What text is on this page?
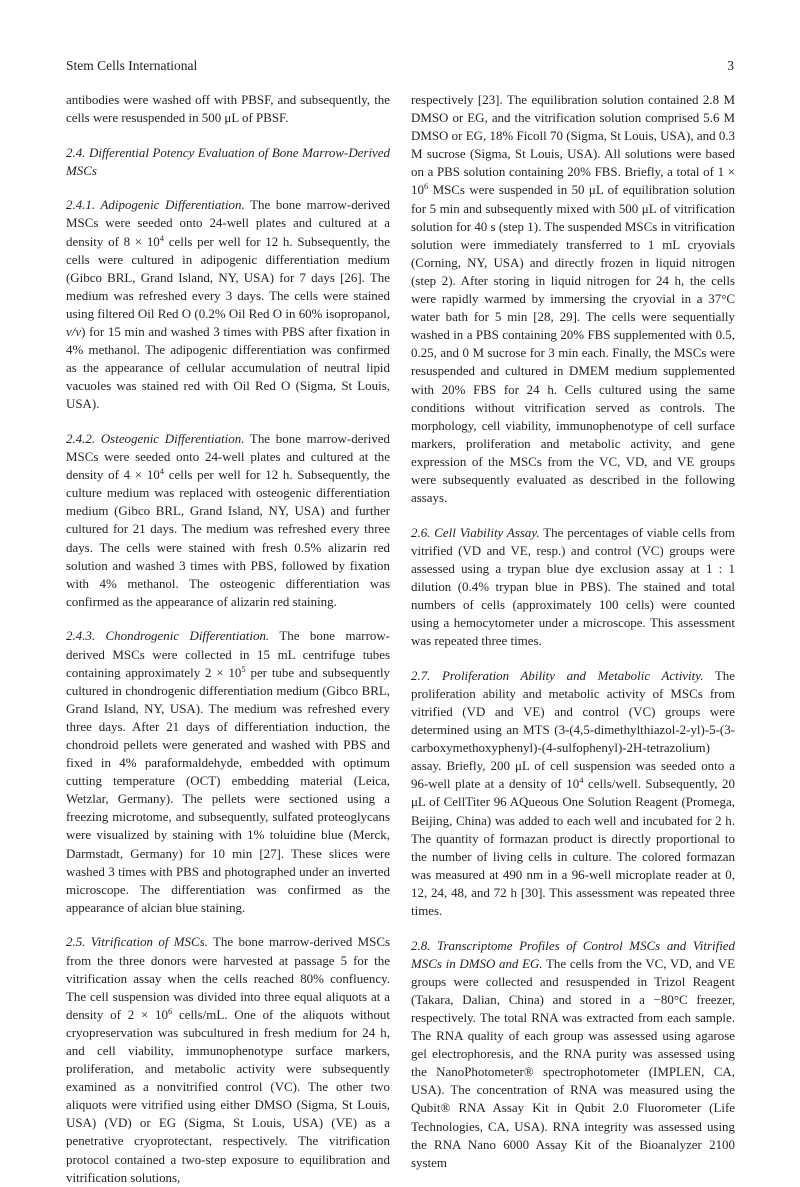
Stem Cells International	3

antibodies were washed off with PBSF, and subsequently, the cells were resuspended in 500 μL of PBSF.

2.4. Differential Potency Evaluation of Bone Marrow-Derived MSCs

2.4.1. Adipogenic Differentiation. The bone marrow-derived MSCs were seeded onto 24-well plates and cultured at a density of $8 \times 10^4$ cells per well for 12 h. Subsequently, the cells were cultured in adipogenic differentiation medium (Gibco BRL, Grand Island, NY, USA) for 7 days [26]. The medium was refreshed every 3 days. The cells were stained using filtered Oil Red O (0.2% Oil Red O in 60% isopropanol, v/v) for 15 min and washed 3 times with PBS after fixation in 4% methanol. The adipogenic differentiation was confirmed as the appearance of cellular accumulation of neutral lipid vacuoles was stained red with Oil Red O (Sigma, St Louis, USA).

2.4.2. Osteogenic Differentiation. The bone marrow-derived MSCs were seeded onto 24-well plates and cultured at the density of $4 \times 10^4$ cells per well for 12 h. Subsequently, the culture medium was replaced with osteogenic differentiation medium (Gibco BRL, Grand Island, NY, USA) and further cultured for 21 days. The medium was refreshed every three days. The cells were stained with fresh 0.5% alizarin red solution and washed 3 times with PBS, followed by fixation with 4% methanol. The osteogenic differentiation was confirmed as the appearance of alizarin red staining.

2.4.3. Chondrogenic Differentiation. The bone marrow-derived MSCs were collected in 15 mL centrifuge tubes containing approximately $2 \times 10^5$ per tube and subsequently cultured in chondrogenic differentiation medium (Gibco BRL, Grand Island, NY, USA). The medium was refreshed every three days. After 21 days of differentiation induction, the chondroid pellets were generated and washed with PBS and fixed in 4% paraformaldehyde, embedded with optimum cutting temperature (OCT) embedding material (Leica, Wetzlar, Germany). The pellets were sectioned using a freezing microtome, and subsequently, sulfated proteoglycans were visualized by staining with 1% toluidine blue (Merck, Darmstadt, Germany) for 10 min [27]. These slices were washed 3 times with PBS and photographed under an inverted microscope. The differentiation was confirmed as the appearance of alcian blue staining.

2.5. Vitrification of MSCs. The bone marrow-derived MSCs from the three donors were harvested at passage 5 for the vitrification assay when the cells reached 80% confluency. The cell suspension was divided into three equal aliquots at a density of $2 \times 10^6$ cells/mL. One of the aliquots without cryopreservation was subcultured in fresh medium for 24 h, and cell viability, immunophenotype surface markers, proliferation, and metabolic activity were subsequently examined as a nonvitrified control (VC). The other two aliquots were vitrified using either DMSO (Sigma, St Louis, USA) (VD) or EG (Sigma, St Louis, USA) (VE) as a penetrative cryoprotectant, respectively. The vitrification protocol contained a two-step exposure to equilibration and vitrification solutions,

respectively [23]. The equilibration solution contained 2.8 M DMSO or EG, and the vitrification solution comprised 5.6 M DMSO or EG, 18% Ficoll 70 (Sigma, St Louis, USA), and 0.3 M sucrose (Sigma, St Louis, USA). All solutions were based on a PBS solution containing 20% FBS. Briefly, a total of $1 \times 10^6$ MSCs were suspended in 50 μL of equilibration solution for 5 min and subsequently mixed with 500 μL of vitrification solution for 40 s (step 1). The suspended MSCs in vitrification solution were immediately transferred to 1 mL cryovials (Corning, NY, USA) and directly frozen in liquid nitrogen (step 2). After storing in liquid nitrogen for 24 h, the cells were rapidly warmed by immersing the cryovial in a 37°C water bath for 5 min [28, 29]. The cells were sequentially washed in a PBS containing 20% FBS supplemented with 0.5, 0.25, and 0 M sucrose for 3 min each. Finally, the MSCs were resuspended and cultured in DMEM medium supplemented with 20% FBS for 24 h. Cells cultured using the same conditions without vitrification served as controls. The morphology, cell viability, immunophenotype of cell surface markers, proliferation and metabolic activity, and gene expression of the MSCs from the VC, VD, and VE groups were subsequently evaluated as described in the following assays.

2.6. Cell Viability Assay. The percentages of viable cells from vitrified (VD and VE, resp.) and control (VC) groups were assessed using a trypan blue dye exclusion assay at 1 : 1 dilution (0.4% trypan blue in PBS). The stained and total numbers of cells (approximately 100 cells) were counted using a hemocytometer under a microscope. This assessment was repeated three times.

2.7. Proliferation Ability and Metabolic Activity. The proliferation ability and metabolic activity of MSCs from vitrified (VD and VE) and control (VC) groups were determined using an MTS (3-(4,5-dimethylthiazol-2-yl)-5-(3-carboxymethoxyphenyl)-(4-sulfophenyl)-2H-tetrazolium) assay. Briefly, 200 μL of cell suspension was seeded onto a 96-well plate at a density of $10^4$ cells/well. Subsequently, 20 μL of CellTiter 96 AQueous One Solution Reagent (Promega, Beijing, China) was added to each well and incubated for 2 h. The quantity of formazan product is directly proportional to the number of living cells in culture. The colored formazan was measured at 490 nm in a 96-well microplate reader at 0, 12, 24, 48, and 72 h [30]. This assessment was repeated three times.

2.8. Transcriptome Profiles of Control MSCs and Vitrified MSCs in DMSO and EG. The cells from the VC, VD, and VE groups were collected and resuspended in Trizol Reagent (Takara, Dalian, China) and stored in a −80°C freezer, respectively. The total RNA was extracted from each sample. The RNA quality of each group was assessed using agarose gel electrophoresis, and the RNA purity was assessed using the NanoPhotometer® spectrophotometer (IMPLEN, CA, USA). The concentration of RNA was measured using the Qubit® RNA Assay Kit in Qubit 2.0 Fluorometer (Life Technologies, CA, USA). RNA integrity was assessed using the RNA Nano 6000 Assay Kit of the Bioanalyzer 2100 system
